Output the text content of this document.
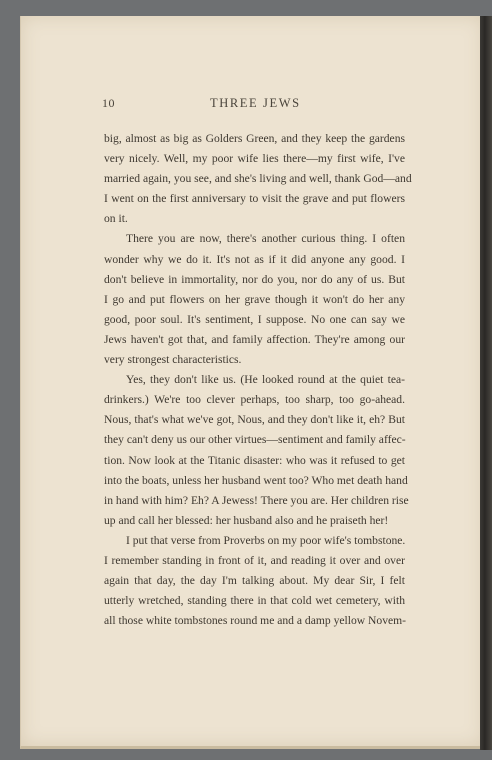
10	THREE JEWS
big, almost as big as Golders Green, and they keep the gardens
very nicely. Well, my poor wife lies there—my first wife, I've
married again, you see, and she's living and well, thank God—and
I went on the first anniversary to visit the grave and put flowers
on it.
There you are now, there's another curious thing. I often
wonder why we do it. It's not as if it did anyone any good. I
don't believe in immortality, nor do you, nor do any of us. But
I go and put flowers on her grave though it won't do her any
good, poor soul. It's sentiment, I suppose. No one can say we
Jews haven't got that, and family affection. They're among our
very strongest characteristics.
Yes, they don't like us. (He looked round at the quiet tea-
drinkers.) We're too clever perhaps, too sharp, too go-ahead.
Nous, that's what we've got, Nous, and they don't like it, eh? But
they can't deny us our other virtues—sentiment and family affec-
tion. Now look at the Titanic disaster: who was it refused to get
into the boats, unless her husband went too? Who met death hand
in hand with him? Eh? A Jewess! There you are. Her children rise
up and call her blessed: her husband also and he praiseth her!
I put that verse from Proverbs on my poor wife's tombstone.
I remember standing in front of it, and reading it over and over
again that day, the day I'm talking about. My dear Sir, I felt
utterly wretched, standing there in that cold wet cemetery, with
all those white tombstones round me and a damp yellow Novem-
